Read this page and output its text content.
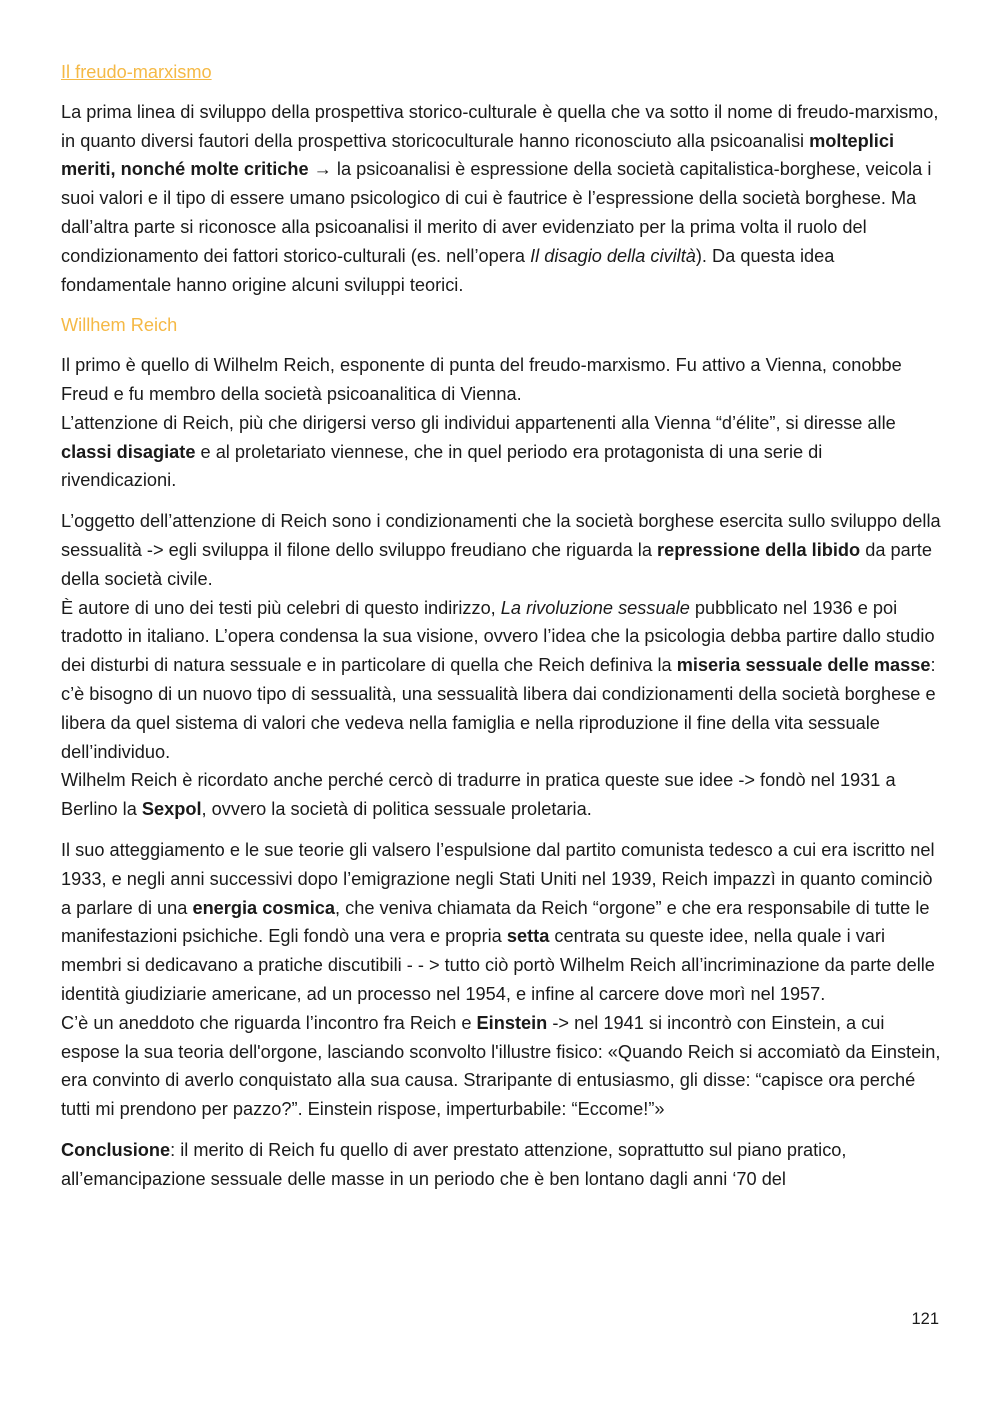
Il freudo-marxismo

La prima linea di sviluppo della prospettiva storico-culturale è quella che va sotto il nome di freudo-marxismo, in quanto diversi fautori della prospettiva storicoculturale hanno riconosciuto alla psicoanalisi molteplici meriti, nonché molte critiche → la psicoanalisi è espressione della società capitalistica-borghese, veicola i suoi valori e il tipo di essere umano psicologico di cui è fautrice è l’espressione della società borghese. Ma dall’altra parte si riconosce alla psicoanalisi il merito di aver evidenziato per la prima volta il ruolo del condizionamento dei fattori storico-culturali (es. nell’opera Il disagio della civiltà). Da questa idea fondamentale hanno origine alcuni sviluppi teorici.

Willhem Reich

Il primo è quello di Wilhelm Reich, esponente di punta del freudo-marxismo. Fu attivo a Vienna, conobbe Freud e fu membro della società psicoanalitica di Vienna.

L’attenzione di Reich, più che dirigersi verso gli individui appartenenti alla Vienna “d’élite”, si diresse alle classi disagiate e al proletariato viennese, che in quel periodo era protagonista di una serie di rivendicazioni.

L’oggetto dell’attenzione di Reich sono i condizionamenti che la società borghese esercita sullo sviluppo della sessualità -> egli sviluppa il filone dello sviluppo freudiano che riguarda la repressione della libido da parte della società civile.

È autore di uno dei testi più celebri di questo indirizzo, La rivoluzione sessuale pubblicato nel 1936 e poi tradotto in italiano. L’opera condensa la sua visione, ovvero l’idea che la psicologia debba partire dallo studio dei disturbi di natura sessuale e in particolare di quella che Reich definiva la miseria sessuale delle masse: c’è bisogno di un nuovo tipo di sessualità, una sessualità libera dai condizionamenti della società borghese e libera da quel sistema di valori che vedeva nella famiglia e nella riproduzione il fine della vita sessuale dell’individuo.

Wilhelm Reich è ricordato anche perché cercò di tradurre in pratica queste sue idee -> fondò nel 1931 a Berlino la Sexpol, ovvero la società di politica sessuale proletaria.

Il suo atteggiamento e le sue teorie gli valsero l’espulsione dal partito comunista tedesco a cui era iscritto nel 1933, e negli anni successivi dopo l’emigrazione negli Stati Uniti nel 1939, Reich impazzì in quanto cominciò a parlare di una energia cosmica, che veniva chiamata da Reich “orgone” e che era responsabile di tutte le manifestazioni psichiche. Egli fondò una vera e propria setta centrata su queste idee, nella quale i vari membri si dedicavano a pratiche discutibili - - > tutto ciò portò Wilhelm Reich all’incriminazione da parte delle identità giudiziarie americane, ad un processo nel 1954, e infine al carcere dove morì nel 1957.

C’è un aneddoto che riguarda l’incontro fra Reich e Einstein -> nel 1941 si incontrò con Einstein, a cui espose la sua teoria dell'orgone, lasciando sconvolto l'illustre fisico: «Quando Reich si accomiatò da Einstein, era convinto di averlo conquistato alla sua causa. Straripante di entusiasmo, gli disse: “capisce ora perché tutti mi prendono per pazzo?”. Einstein rispose, imperturbabile: “Eccome!”»

Conclusione: il merito di Reich fu quello di aver prestato attenzione, soprattutto sul piano pratico, all’emancipazione sessuale delle masse in un periodo che è ben lontano dagli anni ‘70 del

121
